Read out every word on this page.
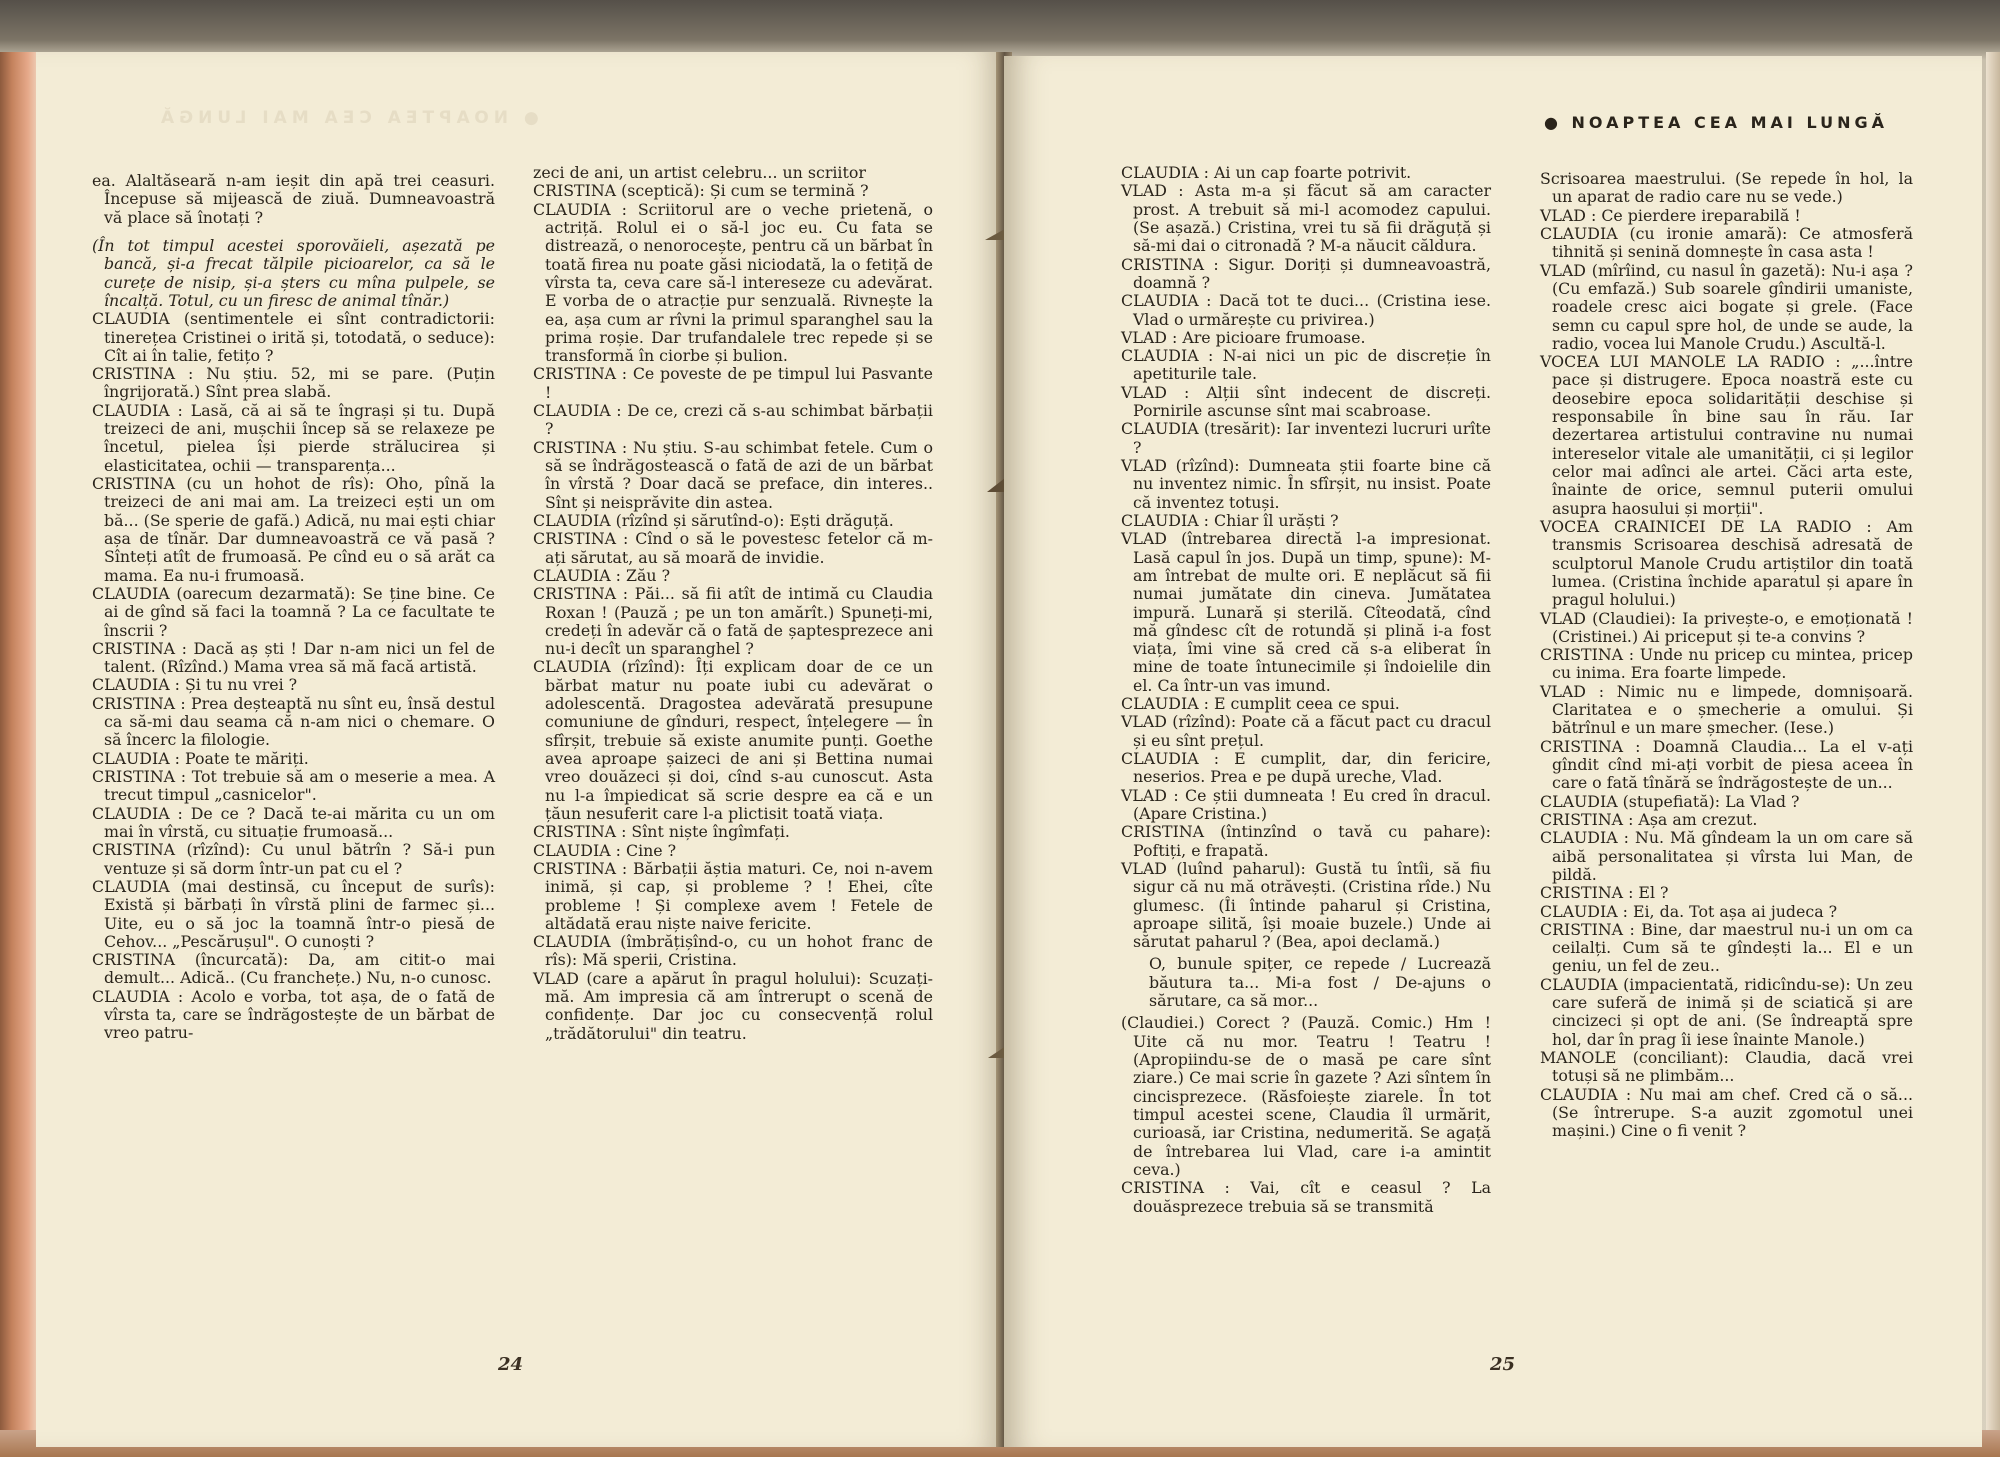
● NOAPTEA CEA MAI LUNGĂ

ea. Alaltăseară n-am ieșit din apă trei ceasuri. Începuse să mijească de ziuă. Dumneavoastră vă place să înotați ?

(În tot timpul acestei sporovăieli, așezată pe bancă, și-a frecat tălpile picioarelor, ca să le curețe de nisip, și-a șters cu mîna pulpele, se încalță. Totul, cu un firesc de animal tînăr.)

CLAUDIA (sentimentele ei sînt contradictorii: tinerețea Cristinei o irită și, totodată, o seduce): Cît ai în talie, fetițo ?

CRISTINA : Nu știu. 52, mi se pare. (Puțin îngrijorată.) Sînt prea slabă.

CLAUDIA : Lasă, că ai să te îngrași și tu. După treizeci de ani, mușchii încep să se relaxeze pe încetul, pielea își pierde strălucirea și elasticitatea, ochii — transparența...

CRISTINA (cu un hohot de rîs): Oho, pînă la treizeci de ani mai am. La treizeci ești un om bă... (Se sperie de gafă.) Adică, nu mai ești chiar așa de tînăr. Dar dumneavoastră ce vă pasă ? Sînteți atît de frumoasă. Pe cînd eu o să arăt ca mama. Ea nu-i frumoasă.

CLAUDIA (oarecum dezarmată): Se ține bine. Ce ai de gînd să faci la toamnă ? La ce facultate te înscrii ?

CRISTINA : Dacă aș ști ! Dar n-am nici un fel de talent. (Rîzînd.) Mama vrea să mă facă artistă.

CLAUDIA : Și tu nu vrei ?

CRISTINA : Prea deșteaptă nu sînt eu, însă destul ca să-mi dau seama că n-am nici o chemare. O să încerc la filologie.

CLAUDIA : Poate te măriți.

CRISTINA : Tot trebuie să am o meserie a mea. A trecut timpul „casnicelor".

CLAUDIA : De ce ? Dacă te-ai mărita cu un om mai în vîrstă, cu situație frumoasă...

CRISTINA (rîzînd): Cu unul bătrîn ? Să-i pun ventuze și să dorm într-un pat cu el ?

CLAUDIA (mai destinsă, cu început de surîs): Există și bărbați în vîrstă plini de farmec și... Uite, eu o să joc la toamnă într-o piesă de Cehov... „Pescărușul". O cunoști ?

CRISTINA (încurcată): Da, am citit-o mai demult... Adică.. (Cu franchețe.) Nu, n-o cunosc.

CLAUDIA : Acolo e vorba, tot așa, de o fată de vîrsta ta, care se îndrăgostește de un bărbat de vreo patru-

zeci de ani, un artist celebru... un scriitor

CRISTINA (sceptică): Și cum se termină ?

CLAUDIA : Scriitorul are o veche prietenă, o actriță. Rolul ei o să-l joc eu. Cu fata se distrează, o nenorocește, pentru că un bărbat în toată firea nu poate găsi niciodată, la o fetiță de vîrsta ta, ceva care să-l intereseze cu adevărat. E vorba de o atracție pur senzuală. Rivnește la ea, așa cum ar rîvni la primul sparanghel sau la prima roșie. Dar trufandalele trec repede și se transformă în ciorbe și bulion.

CRISTINA : Ce poveste de pe timpul lui Pasvante !

CLAUDIA : De ce, crezi că s-au schimbat bărbații ?

CRISTINA : Nu știu. S-au schimbat fetele. Cum o să se îndrăgostească o fată de azi de un bărbat în vîrstă ? Doar dacă se preface, din interes.. Sînt și neisprăvite din astea.

CLAUDIA (rîzînd și sărutînd-o): Ești drăguță.

CRISTINA : Cînd o să le povestesc fetelor că m-ați sărutat, au să moară de invidie.

CLAUDIA : Zău ?

CRISTINA : Păi... să fii atît de intimă cu Claudia Roxan ! (Pauză ; pe un ton amărît.) Spuneți-mi, credeți în adevăr că o fată de șaptesprezece ani nu-i decît un sparanghel ?

CLAUDIA (rîzînd): Îți explicam doar de ce un bărbat matur nu poate iubi cu adevărat o adolescentă. Dragostea adevărată presupune comuniune de gînduri, respect, înțelegere — în sfîrșit, trebuie să existe anumite punți. Goethe avea aproape șaizeci de ani și Bettina numai vreo douăzeci și doi, cînd s-au cunoscut. Asta nu l-a împiedicat să scrie despre ea că e un țăun nesuferit care l-a plictisit toată viața.

CRISTINA : Sînt niște îngîmfați.

CLAUDIA : Cine ?

CRISTINA : Bărbații ăștia maturi. Ce, noi n-avem inimă, și cap, și probleme ? ! Ehei, cîte probleme ! Și complexe avem ! Fetele de altădată erau niște naive fericite.

CLAUDIA (îmbrățișînd-o, cu un hohot franc de rîs): Mă sperii, Cristina.

VLAD (care a apărut în pragul holului): Scuzați-mă. Am impresia că am întrerupt o scenă de confidențe. Dar joc cu consecvență rolul „trădătorului" din teatru.

24
● NOAPTEA CEA MAI LUNGĂ

CLAUDIA : Ai un cap foarte potrivit.

VLAD : Asta m-a și făcut să am caracter prost. A trebuit să mi-l acomodez capului. (Se așază.) Cristina, vrei tu să fii drăguță și să-mi dai o citronadă ? M-a năucit căldura.

CRISTINA : Sigur. Doriți și dumneavoastră, doamnă ?

CLAUDIA : Dacă tot te duci... (Cristina iese. Vlad o urmărește cu privirea.)

VLAD : Are picioare frumoase.

CLAUDIA : N-ai nici un pic de discreție în apetiturile tale.

VLAD : Alții sînt indecent de discreți. Pornirile ascunse sînt mai scabroase.

CLAUDIA (tresărit): Iar inventezi lucruri urîte ?

VLAD (rîzînd): Dumneata știi foarte bine că nu inventez nimic. În sfîrșit, nu insist. Poate că inventez totuși.

CLAUDIA : Chiar îl urăști ?

VLAD (întrebarea directă l-a impresionat. Lasă capul în jos. După un timp, spune): M-am întrebat de multe ori. E neplăcut să fii numai jumătate din cineva. Jumătatea impură. Lunară și sterilă. Cîteodată, cînd mă gîndesc cît de rotundă și plină i-a fost viața, îmi vine să cred că s-a eliberat în mine de toate întunecimile și îndoielile din el. Ca într-un vas imund.

CLAUDIA : E cumplit ceea ce spui.

VLAD (rîzînd): Poate că a făcut pact cu dracul și eu sînt prețul.

CLAUDIA : E cumplit, dar, din fericire, neserios. Prea e pe după ureche, Vlad.

VLAD : Ce știi dumneata ! Eu cred în dracul. (Apare Cristina.)

CRISTINA (întinzînd o tavă cu pahare): Poftiți, e frapată.

VLAD (luînd paharul): Gustă tu întîi, să fiu sigur că nu mă otrăvești. (Cristina rîde.) Nu glumesc. (Îi întinde paharul și Cristina, aproape silită, își moaie buzele.) Unde ai sărutat paharul ? (Bea, apoi declamă.)

O, bunule spițer, ce repede / Lucrează băutura ta... Mi-a fost / De-ajuns o sărutare, ca să mor...

(Claudiei.) Corect ? (Pauză. Comic.) Hm ! Uite că nu mor. Teatru ! Teatru ! (Apropiindu-se de o masă pe care sînt ziare.) Ce mai scrie în gazete ? Azi sîntem în cincisprezece. (Răsfoiește ziarele. În tot timpul acestei scene, Claudia îl urmărit, curioasă, iar Cristina, nedumerită. Se agață de întrebarea lui Vlad, care i-a amintit ceva.)

CRISTINA : Vai, cît e ceasul ? La douăsprezece trebuia să se transmită

Scrisoarea maestrului. (Se repede în hol, la un aparat de radio care nu se vede.)

VLAD : Ce pierdere ireparabilă !

CLAUDIA (cu ironie amară): Ce atmosferă tihnită și senină domnește în casa asta !

VLAD (mîrîind, cu nasul în gazetă): Nu-i așa ? (Cu emfază.) Sub soarele gîndirii umaniste, roadele cresc aici bogate și grele. (Face semn cu capul spre hol, de unde se aude, la radio, vocea lui Manole Crudu.) Ascultă-l.

VOCEA LUI MANOLE LA RADIO : „...între pace și distrugere. Epoca noastră este cu deosebire epoca solidarității deschise și responsabile în bine sau în rău. Iar dezertarea artistului contravine nu numai intereselor vitale ale umanității, ci și legilor celor mai adînci ale artei. Căci arta este, înainte de orice, semnul puterii omului asupra haosului și morții".

VOCEA CRAINICEI DE LA RADIO : Am transmis Scrisoarea deschisă adresată de sculptorul Manole Crudu artiștilor din toată lumea. (Cristina închide aparatul și apare în pragul holului.)

VLAD (Claudiei): Ia privește-o, e emoționată ! (Cristinei.) Ai priceput și te-a convins ?

CRISTINA : Unde nu pricep cu mintea, pricep cu inima. Era foarte limpede.

VLAD : Nimic nu e limpede, domnișoară. Claritatea e o șmecherie a omului. Și bătrînul e un mare șmecher. (Iese.)

CRISTINA : Doamnă Claudia... La el v-ați gîndit cînd mi-ați vorbit de piesa aceea în care o fată tînără se îndrăgostește de un...

CLAUDIA (stupefiată): La Vlad ?

CRISTINA : Așa am crezut.

CLAUDIA : Nu. Mă gîndeam la un om care să aibă personalitatea și vîrsta lui Man, de pildă.

CRISTINA : El ?

CLAUDIA : Ei, da. Tot așa ai judeca ?

CRISTINA : Bine, dar maestrul nu-i un om ca ceilalți. Cum să te gîndești la... El e un geniu, un fel de zeu..

CLAUDIA (impacientată, ridicîndu-se): Un zeu care suferă de inimă și de sciatică și are cincizeci și opt de ani. (Se îndreaptă spre hol, dar în prag îi iese înainte Manole.)

MANOLE (conciliant): Claudia, dacă vrei totuși să ne plimbăm...

CLAUDIA : Nu mai am chef. Cred că o să... (Se întrerupe. S-a auzit zgomotul unei mașini.) Cine o fi venit ?

25
